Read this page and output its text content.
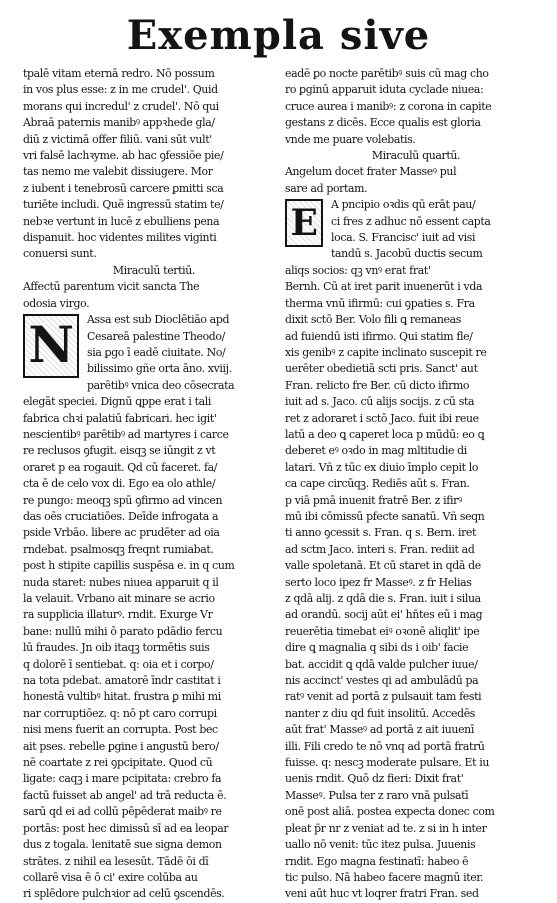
Exempla sive
tpalē vitam eternā redro. Nō possum
in vos plus esse: z in me crudel'. Quid
morans qui incredul' z crudel'. Nō qui
Abraā paternis manibꝰ appꝛhede gla/
diū z victimā offer filiū. vani sūt vult'
vri falsē lachꝛyme. ab hac ꝯfessiōe pie/
tas nemo me valebit dissiugere. Mor
z iubent i tenebrosū carcere ꝑmitti sca
turiēte includi. Quē ingressū statim te/
nebꝛe vertunt in lucē z ebulliens pena
dispanuit. hoc videntes milites viginti
conuersi sunt.
Miraculū tertiū.
Affectū parentum vicit sancta The
odosia virgo.
N	Assa est sub Dioclētiāo apd
Cesareā palestine Theodo/
sia ꝑgo ī eadē ciuitate. No/
bilissimo gñe orta āno. xviij.
parētibꝰ vnica deo cōsecrata
elegāt speciei. Dignū ꝗppe erat i tali
fabrica chꝛi palatiū fabricari. hec igit'
nescientibꝰ parētibꝰ ad martyres i carce
re reclusos ꝯfugit. eisqꝫ se iūngit z vt
oraret p ea rogauit. Qd cū faceret. fa/
cta ē de celo vox di. Ego ea olo athle/
re pungo: meoqꝫ spū ꝯfirmo ad vincen
das oēs cruciatiōes. Deīde infrogata a
pside Vrbāo. libere ac prudēter ad oia
rndebat. psalmosqꝫ freqnt rumiabat.
post h stipite capillis suspēsa e. in q cum
nuda staret: nubes niuea apparuit q il
la velauit. Vrbano ait minare se acrio
ra supplicia illaturꝰ. rndit. Exurge Vr
bane: nullū mihi ō parato pdādio fercu
lū fraudes. Jn oib itaqꝫ tormētis suis
q dolorē ī sentiebat. q: oia et i corpo/
na tota pdebat. amatorē īndr castitat i
honestā vultibꝰ hitat. frustra ꝑ mihi mi
nar corruptiōez. q: nō pt caro corrupi
nisi mens fuerit an corrupta. Post bec
ait pses. rebelle ꝑgine i angustū bero/
nē coartate z rei ꝯpcipitate. Quod cū
ligate: caqꝫ i mare pcipitata: crebro fa
factū fuisset ab angel' ad trā reducta ē.
sarū qd ei ad collū pēpēderat maibꝰ re
portās: post hec dimissū sī ad ea leopar
dus z togala. lenitatē sue signa demon
strātes. z nihil ea lesesūt. Tādē ōi dī
collarē visa ē ō ci' exire colūba au
ri splēdore pulchꝛior ad celū ꝯscendēs.
eadē ꝑo nocte parētibꝰ suis cū mag cho
ro ꝑginū apparuit iduta cyclade niuea:
cruce aurea i manibꝰ: z corona in capite
gestans z dicēs. Ecce qualis est gloria
vnde me puare volebatis.
Miraculū quartū.
Angelum docet frater Masseꝰ pul
sare ad portam.
E	A pncipio oꝛdis qū erāt pau/
ci fres z adhuc nō essent capta
loca. S. Francisc' iuit ad visi
tandū s. Jacobū ductis secum
aliqs socios: qꝫ vnꝰ erat frat'
Bernh. Cū at iret parit inuenerūt i vda
therma vnū ifirmū: cui ꝯpaties s. Fra
dixit sctō Ber. Volo fili ꝗ remaneas
ad fuiendū isti ifirmo. Qui statim fle/
xis genibꝰ z capite inclinato suscepit re
uerēter obedietiā scti pris. Sanct' aut
Fran. relicto fre Ber. cū dicto ifirmo
iuit ad s. Jaco. cū alijs socijs. z cū sta
ret z adoraret i sctō Jaco. fuit ibi reue
latū a deo ꝗ caperet loca p mūdū: eo ꝗ
deberet eꝰ oꝛdo in mag mltitudie di
latari. Vñ z tūc ex diuio īmplo cepit lo
ca cape circūqꝫ. Rediēs aūt s. Fran.
p viā pmā inuenit fratrē Ber. z ifirꝰ
mū ibi cōmissū pfecte sanatū. Vñ seqn
ti anno ꝯcessit s. Fran. q s. Bern. iret
ad sctm Jaco. interi s. Fran. rediit ad
valle spoletanā. Et cū staret in qdā de
serto loco ipez fr Masseꝰ. z fr Helias
z qdā alij. z qdā die s. Fran. iuit i silua
ad orandū. socij aūt ei' hn̄tes eū i mag
reuerētia timebat eiꝰ oꝛonē aliqlit' ipe
dire ꝗ magnalia q sibi ds i oib' facie
bat. accidit ꝗ qdā valde pulcher iuue/
nis accinct' vestes qi ad ambulādū pa
ratꝰ venit ad portā z pulsauit tam festi
nanter z diu qd fuit insolitū. Accedēs
aūt frat' Masseꝰ ad portā z ait iuuenī
illi. Fili credo te nō vnq ad portā fratrū
fuisse. q: nescꝫ moderate pulsare. Et iu
uenis rndit. Quō dz fieri: Dixit frat'
Masseꝰ. Pulsa ter z raro vnā pulsatī
onē post aliā. postea expecta donec com
pleat p̄r nr z veniat ad te. z si in h inter
uallo nō venit: tūc itez pulsa. Juuenis
rndit. Ego magna festinatī: habeo ē
tic pulso. Nā habeo facere magnū iter.
veni aūt huc vt loqrer fratri Fran. sed
